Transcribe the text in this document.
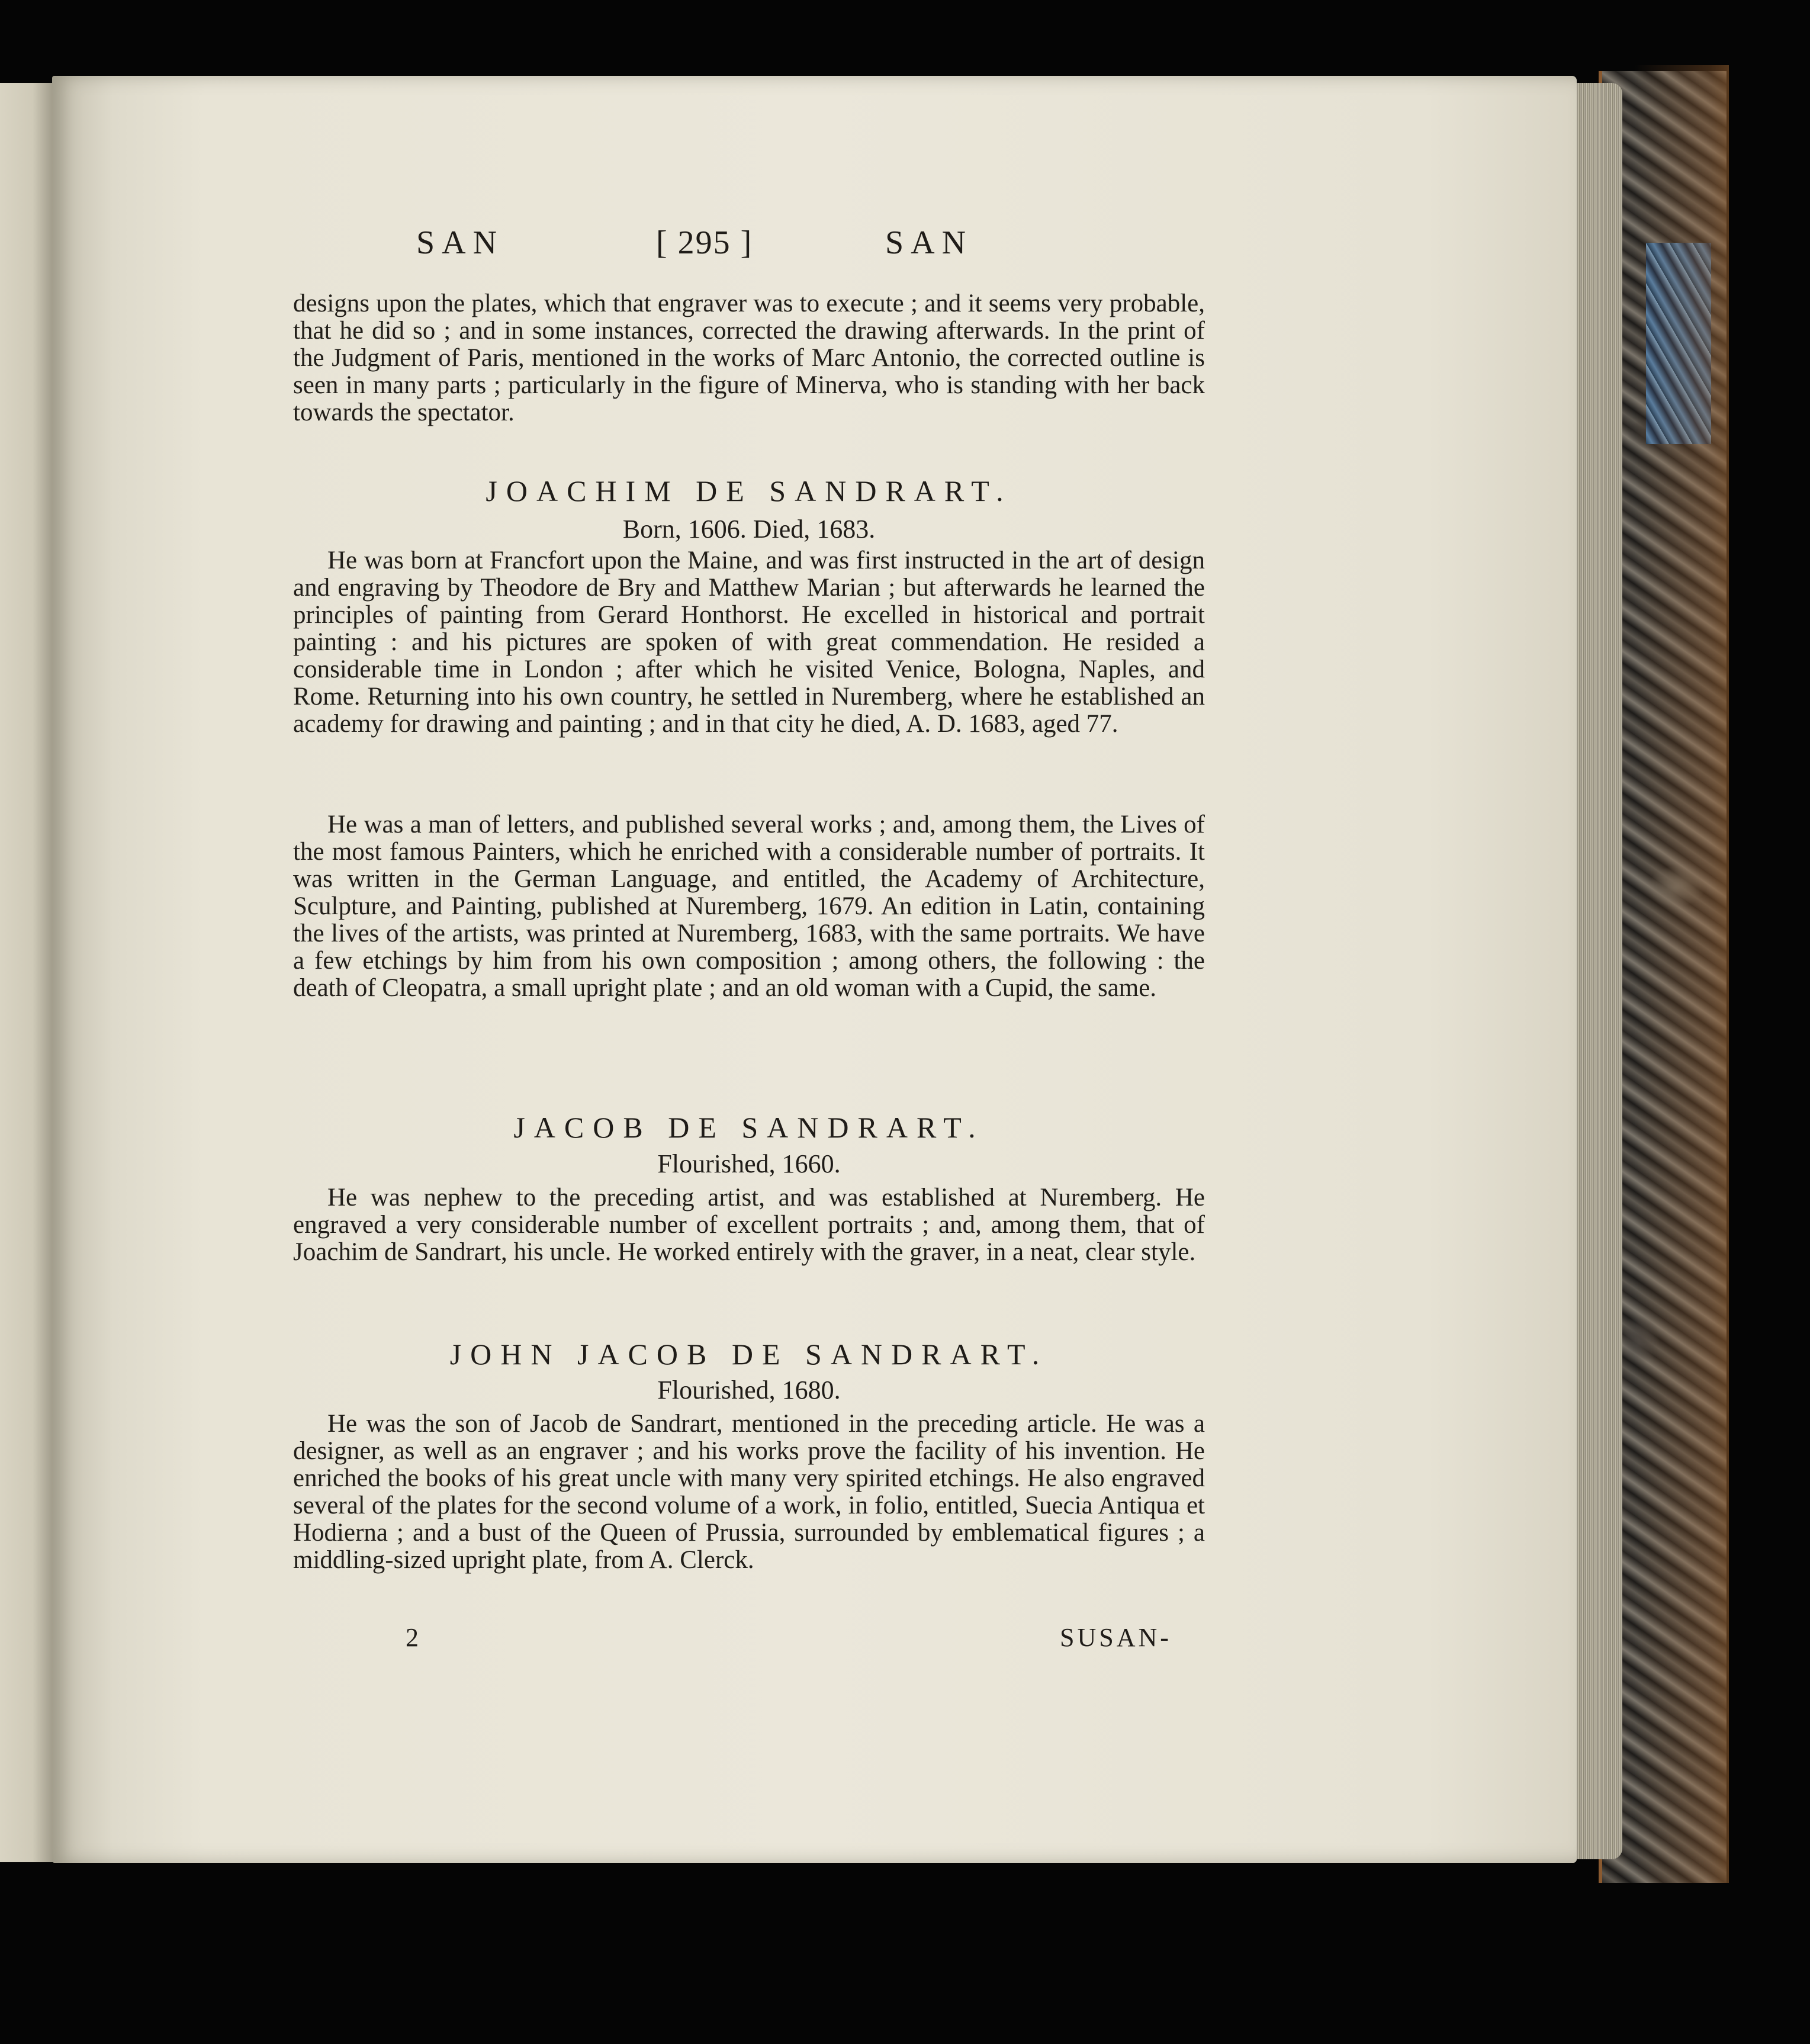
SAN	[ 295 ]	SAN
designs upon the plates, which that engraver was to execute ; and it seems very probable, that he did so ; and in some instances, corrected the drawing afterwards. In the print of the Judgment of Paris, mentioned in the works of Marc Antonio, the corrected outline is seen in many parts ; particularly in the figure of Minerva, who is standing with her back towards the spectator.
JOACHIM DE SANDRART.
Born, 1606. Died, 1683.
He was born at Francfort upon the Maine, and was first instructed in the art of design and engraving by Theodore de Bry and Matthew Marian ; but afterwards he learned the principles of painting from Gerard Honthorst. He excelled in historical and portrait painting : and his pictures are spoken of with great commendation. He resided a considerable time in London ; after which he visited Venice, Bologna, Naples, and Rome. Returning into his own country, he settled in Nuremberg, where he established an academy for drawing and painting ; and in that city he died, A. D. 1683, aged 77.
He was a man of letters, and published several works ; and, among them, the Lives of the most famous Painters, which he enriched with a considerable number of portraits. It was written in the German Language, and entitled, the Academy of Architecture, Sculpture, and Painting, published at Nuremberg, 1679. An edition in Latin, containing the lives of the artists, was printed at Nuremberg, 1683, with the same portraits. We have a few etchings by him from his own composition ; among others, the following : the death of Cleopatra, a small upright plate ; and an old woman with a Cupid, the same.
JACOB DE SANDRART.
Flourished, 1660.
He was nephew to the preceding artist, and was established at Nuremberg. He engraved a very considerable number of excellent portraits ; and, among them, that of Joachim de Sandrart, his uncle. He worked entirely with the graver, in a neat, clear style.
JOHN JACOB DE SANDRART.
Flourished, 1680.
He was the son of Jacob de Sandrart, mentioned in the preceding article. He was a designer, as well as an engraver ; and his works prove the facility of his invention. He enriched the books of his great uncle with many very spirited etchings. He also engraved several of the plates for the second volume of a work, in folio, entitled, Suecia Antiqua et Hodierna ; and a bust of the Queen of Prussia, surrounded by emblematical figures ; a middling-sized upright plate, from A. Clerck.
2	SUSAN-
